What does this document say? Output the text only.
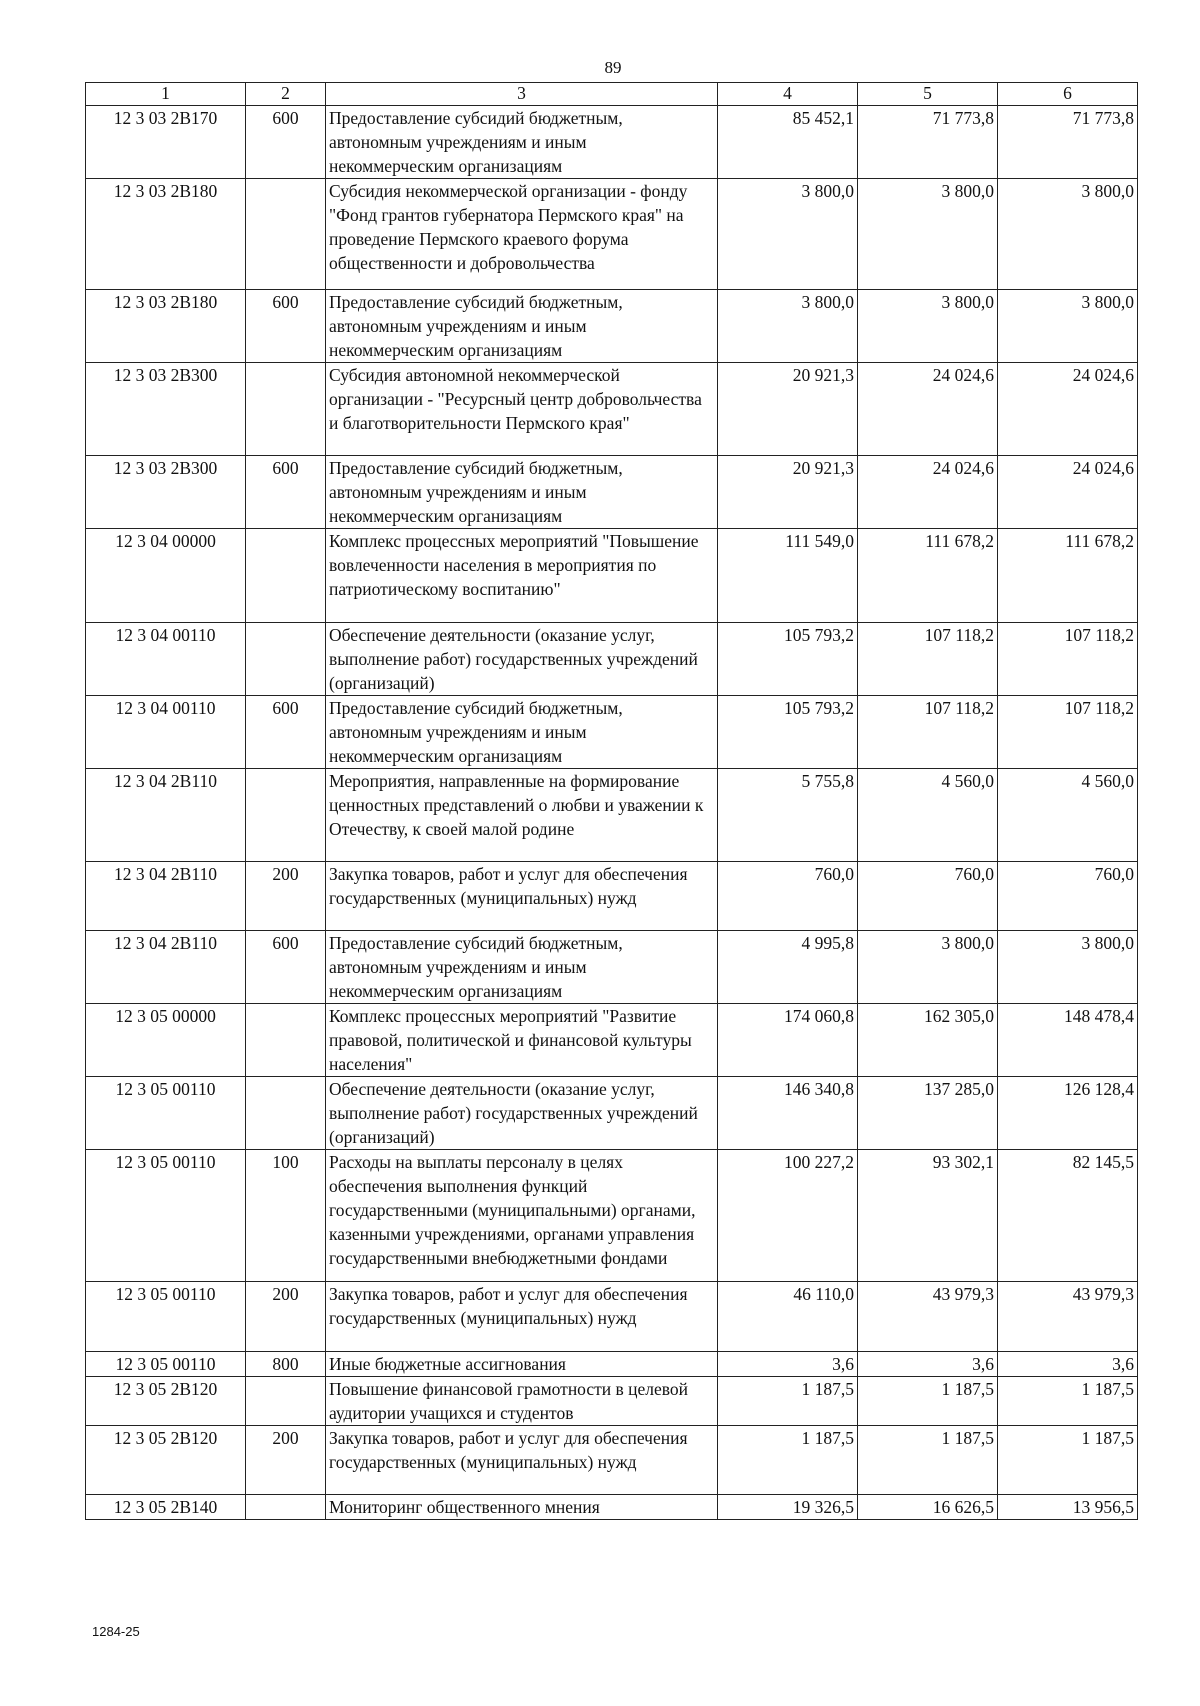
89
1	2	3	4	5	6
12 3 03 2B170	600	Предоставление субсидий бюджетным, автономным учреждениям и иным некоммерческим организациям	85 452,1	71 773,8	71 773,8
12 3 03 2B180		Субсидия некоммерческой организации - фонду "Фонд грантов губернатора Пермского края" на проведение Пермского краевого форума общественности и добровольчества	3 800,0	3 800,0	3 800,0
12 3 03 2B180	600	Предоставление субсидий бюджетным, автономным учреждениям и иным некоммерческим организациям	3 800,0	3 800,0	3 800,0
12 3 03 2B300		Субсидия автономной некоммерческой организации - "Ресурсный центр добровольчества и благотворительности Пермского края"	20 921,3	24 024,6	24 024,6
12 3 03 2B300	600	Предоставление субсидий бюджетным, автономным учреждениям и иным некоммерческим организациям	20 921,3	24 024,6	24 024,6
12 3 04 00000		Комплекс процессных мероприятий "Повышение вовлеченности населения в мероприятия по патриотическому воспитанию"	111 549,0	111 678,2	111 678,2
12 3 04 00110		Обеспечение деятельности (оказание услуг, выполнение работ) государственных учреждений (организаций)	105 793,2	107 118,2	107 118,2
12 3 04 00110	600	Предоставление субсидий бюджетным, автономным учреждениям и иным некоммерческим организациям	105 793,2	107 118,2	107 118,2
12 3 04 2B110		Мероприятия, направленные на формирование ценностных представлений о любви и уважении к Отечеству, к своей малой родине	5 755,8	4 560,0	4 560,0
12 3 04 2B110	200	Закупка товаров, работ и услуг для обеспечения государственных (муниципальных) нужд	760,0	760,0	760,0
12 3 04 2B110	600	Предоставление субсидий бюджетным, автономным учреждениям и иным некоммерческим организациям	4 995,8	3 800,0	3 800,0
12 3 05 00000		Комплекс процессных мероприятий "Развитие правовой, политической и финансовой культуры населения"	174 060,8	162 305,0	148 478,4
12 3 05 00110		Обеспечение деятельности (оказание услуг, выполнение работ) государственных учреждений (организаций)	146 340,8	137 285,0	126 128,4
12 3 05 00110	100	Расходы на выплаты персоналу в целях обеспечения выполнения функций государственными (муниципальными) органами, казенными учреждениями, органами управления государственными внебюджетными фондами	100 227,2	93 302,1	82 145,5
12 3 05 00110	200	Закупка товаров, работ и услуг для обеспечения государственных (муниципальных) нужд	46 110,0	43 979,3	43 979,3
12 3 05 00110	800	Иные бюджетные ассигнования	3,6	3,6	3,6
12 3 05 2B120		Повышение финансовой грамотности в целевой аудитории учащихся и студентов	1 187,5	1 187,5	1 187,5
12 3 05 2B120	200	Закупка товаров, работ и услуг для обеспечения государственных (муниципальных) нужд	1 187,5	1 187,5	1 187,5
12 3 05 2B140		Мониторинг общественного мнения	19 326,5	16 626,5	13 956,5
1284-25
